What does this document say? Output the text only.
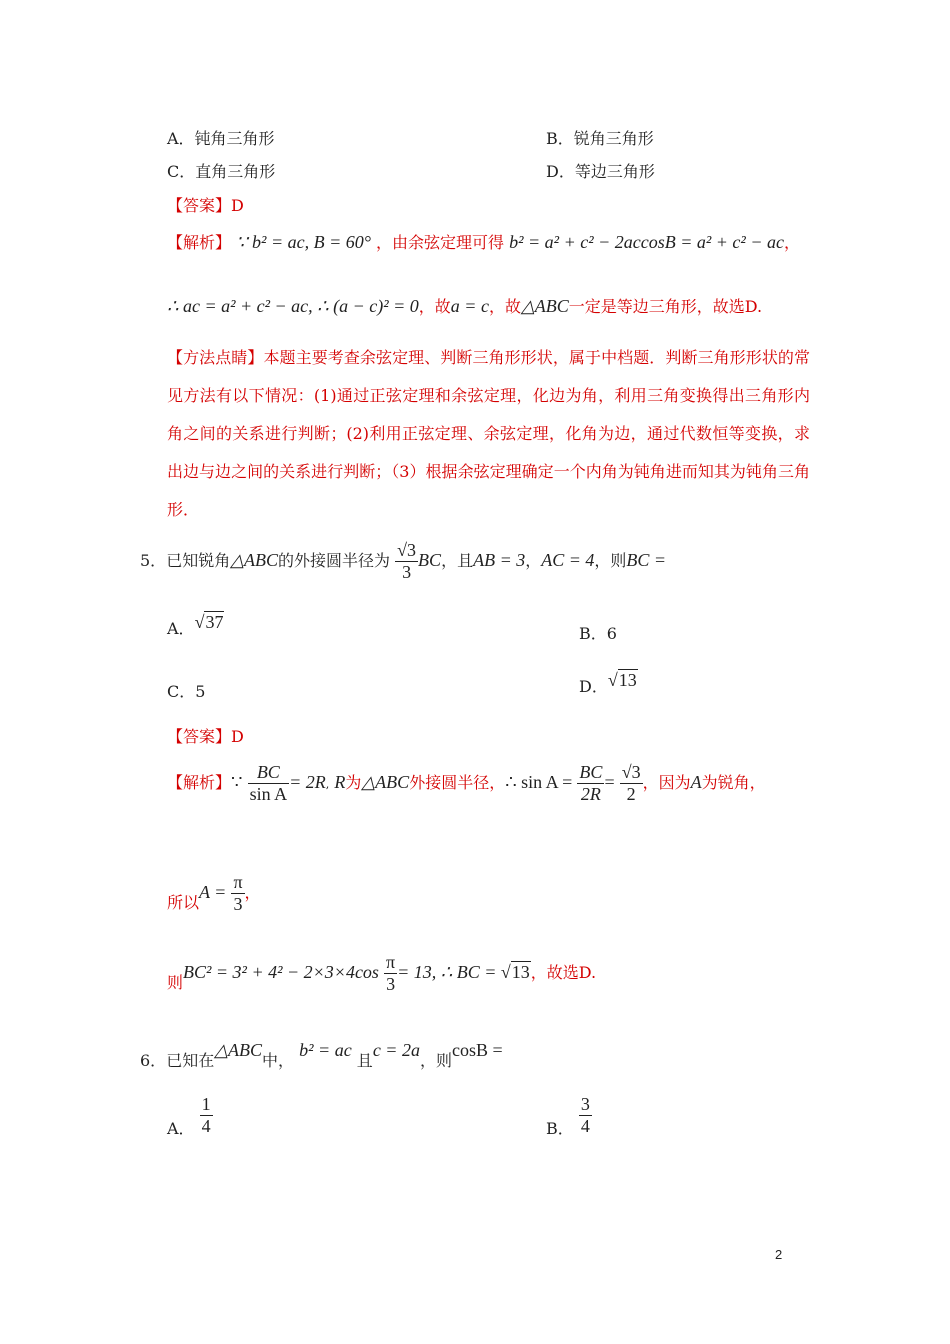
A．钝角三角形	B．锐角三角形
C．直角三角形	D．等边三角形
【答案】D
【解析】 ∵ b² = ac, B = 60° ，由余弦定理可得 b² = a² + c² − 2accosB = a² + c² − ac，
∴ ac = a² + c² − ac, ∴ (a − c)² = 0，故a = c，故△ABC一定是等边三角形，故选D.
【方法点睛】本题主要考查余弦定理、判断三角形形状，属于中档题．判断三角形形状的常见方法有以下情况：(1)通过正弦定理和余弦定理，化边为角，利用三角变换得出三角形内角之间的关系进行判断；(2)利用正弦定理、余弦定理，化角为边，通过代数恒等变换，求出边与边之间的关系进行判断；（3）根据余弦定理确定一个内角为钝角进而知其为钝角三角形．
5．已知锐角△ABC的外接圆半径为 $\frac{√3}{3}$ BC，且AB = 3，AC = 4，则BC =
A．√37
B．6
C．5	D．√13
【答案】D
【解析】∵ $\frac{BC}{\text{sin A}} = 2R$, R为△ABC外接圆半径，∴ $\sin A = \frac{BC}{2R} = \frac{√3}{2}$ ，因为A为锐角，
所以$A = \frac{\pi}{3}$ ，
则$BC^2 = 3^2 + 4^2 - 2\times 3\times 4\cos \frac{\pi}{3} = 13$, ∴ BC = √13，故选D.
6．已知在△ABC中， b² = ac 且c = 2a，则cosB =
A． $\frac{1}{4}$	B． $\frac{3}{4}$
2
